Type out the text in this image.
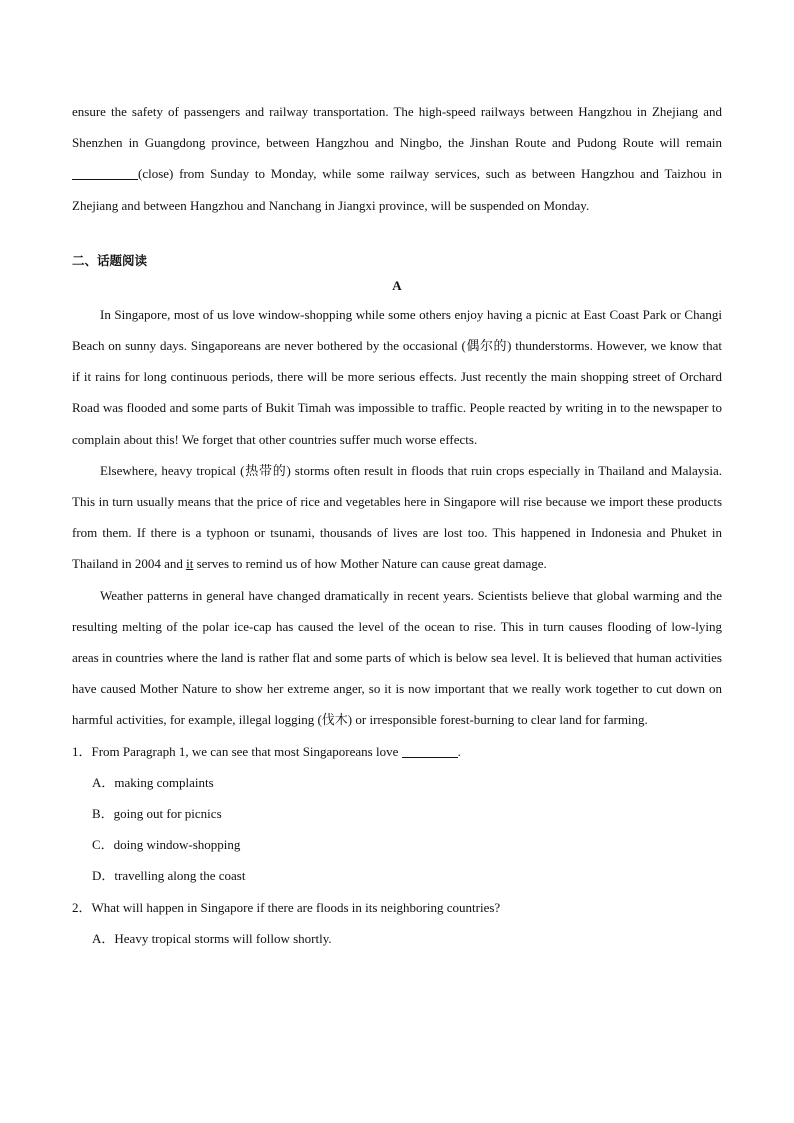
ensure the safety of passengers and railway transportation. The high-speed railways between Hangzhou in Zhejiang and Shenzhen in Guangdong province, between Hangzhou and Ningbo, the Jinshan Route and Pudong Route will remain (close) from Sunday to Monday, while some railway services, such as between Hangzhou and Taizhou in Zhejiang and between Hangzhou and Nanchang in Jiangxi province, will be suspended on Monday.

二、话题阅读

A

In Singapore, most of us love window-shopping while some others enjoy having a picnic at East Coast Park or Changi Beach on sunny days. Singaporeans are never bothered by the occasional (偶尔的) thunderstorms. However, we know that if it rains for long continuous periods, there will be more serious effects. Just recently the main shopping street of Orchard Road was flooded and some parts of Bukit Timah was impossible to traffic. People reacted by writing in to the newspaper to complain about this! We forget that other countries suffer much worse effects.

Elsewhere, heavy tropical (热带的) storms often result in floods that ruin crops especially in Thailand and Malaysia. This in turn usually means that the price of rice and vegetables here in Singapore will rise because we import these products from them. If there is a typhoon or tsunami, thousands of lives are lost too. This happened in Indonesia and Phuket in Thailand in 2004 and it serves to remind us of how Mother Nature can cause great damage.

Weather patterns in general have changed dramatically in recent years. Scientists believe that global warming and the resulting melting of the polar ice-cap has caused the level of the ocean to rise. This in turn causes flooding of low-lying areas in countries where the land is rather flat and some parts of which is below sea level. It is believed that human activities have caused Mother Nature to show her extreme anger, so it is now important that we really work together to cut down on harmful activities, for example, illegal logging (伐木) or irresponsible forest-burning to clear land for farming.

1．From Paragraph 1, we can see that most Singaporeans love	.

A．making complaints

B．going out for picnics

C．doing window-shopping

D．travelling along the coast

2．What will happen in Singapore if there are floods in its neighboring countries?

A．Heavy tropical storms will follow shortly.
